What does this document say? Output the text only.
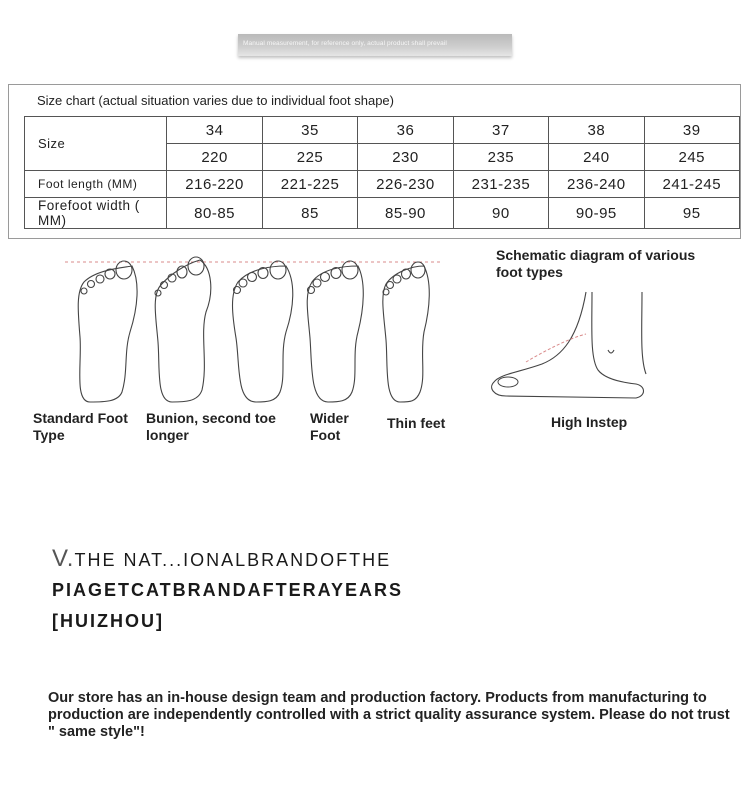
Manual measurement, for reference only, actual product shall prevail
Size chart (actual situation varies due to individual foot shape)
Size	34	35	36	37	38	39
	220	225	230	235	240	245
Foot length (MM)	216-220	221-225	226-230	231-235	236-240	241-245
Forefoot width ( MM)	80-85	85	85-90	90	90-95	95
Standard Foot Type
Bunion, second toe longer
Wider Foot
Thin feet
Schematic diagram of various foot types
High Instep
V.THE NAT...IONALBRANDOFTHE
PIAGETCATBRANDAFTERAYEARS
[HUIZHOU]
Our store has an in-house design team and production factory. Products from manufacturing to production are independently controlled with a strict quality assurance system. Please do not trust " same style"!
